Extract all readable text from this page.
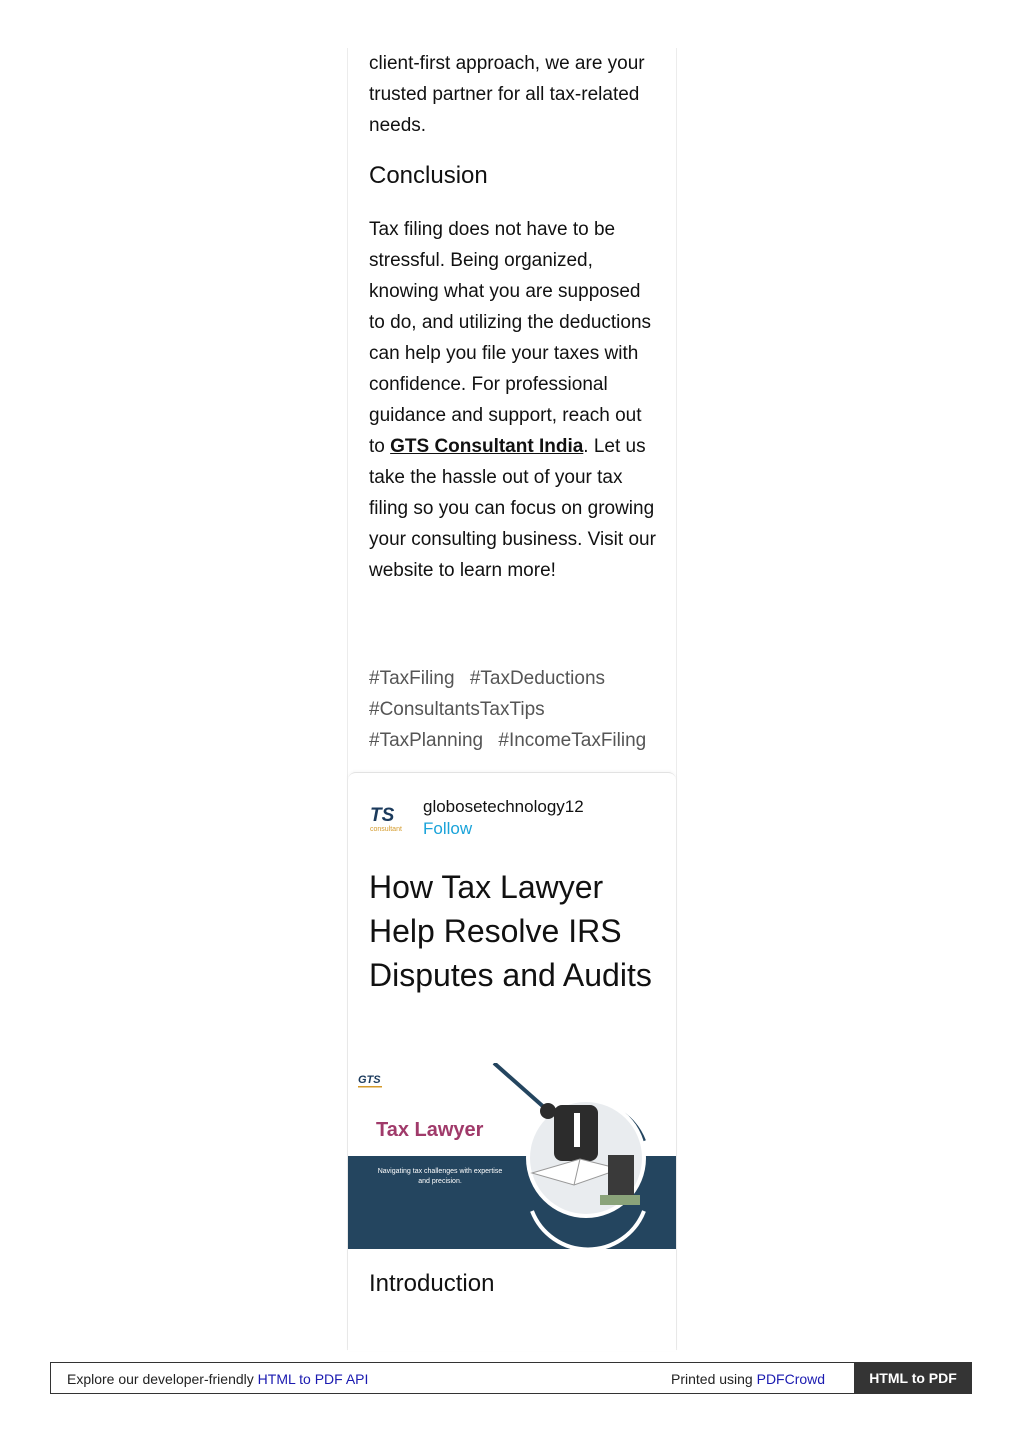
client-first approach, we are your trusted partner for all tax-related needs.

Conclusion

Tax filing does not have to be stressful. Being organized, knowing what you are supposed to do, and utilizing the deductions can help you file your taxes with confidence. For professional guidance and support, reach out to GTS Consultant India. Let us take the hassle out of your tax filing so you can focus on growing your consulting business. Visit our website to learn more!

#TaxFiling #TaxDeductions #ConsultantsTaxTips #TaxPlanning #IncomeTaxFiling
TS
consultant
globosetechnology12
Follow
How Tax Lawyer Help Resolve IRS Disputes and Audits
GTS
Tax Lawyer
Navigating tax challenges with expertise
and precision.
Introduction
Explore our developer-friendly HTML to PDF API	Printed using PDFCrowd	HTML to PDF
